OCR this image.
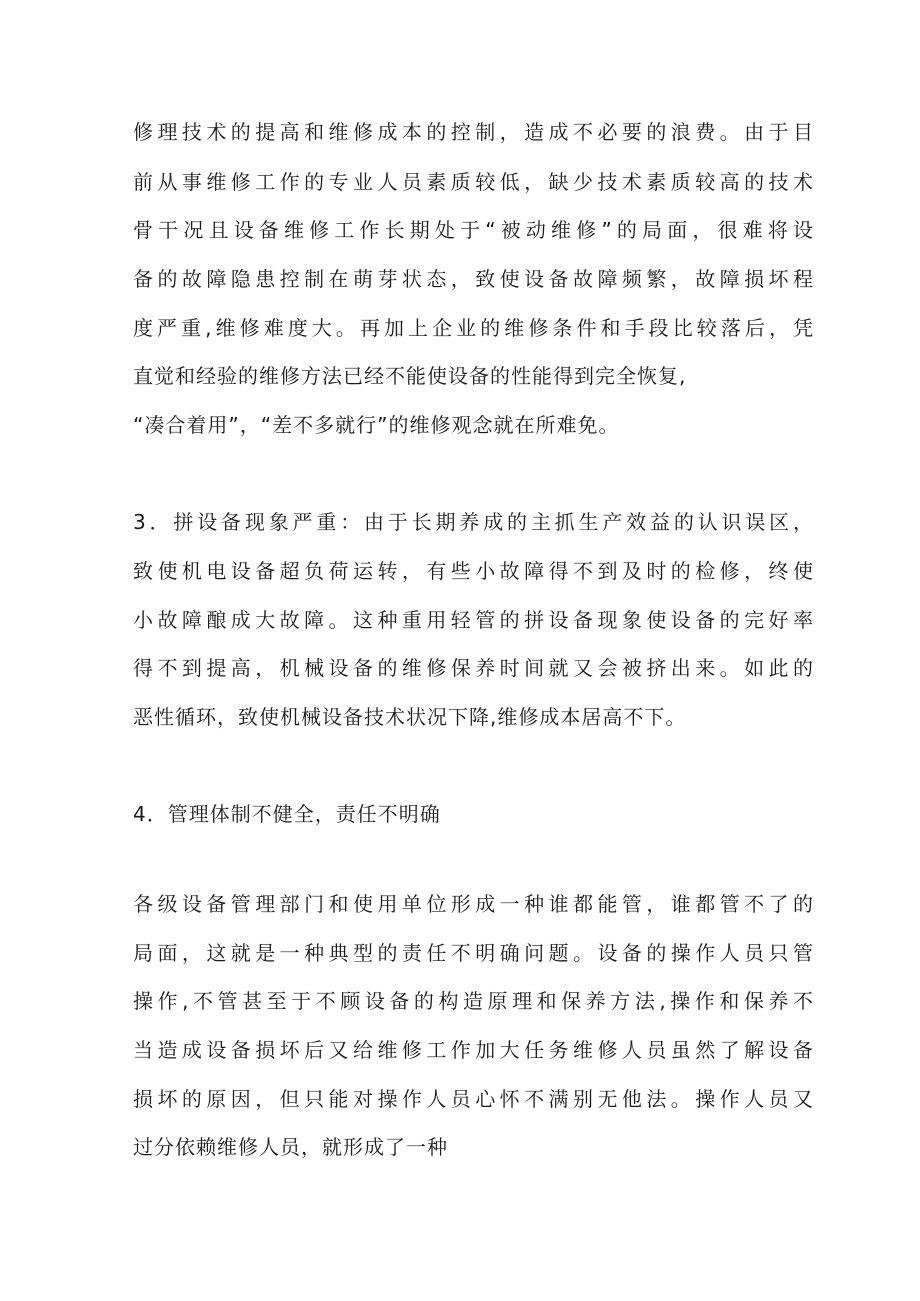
修理技术的提高和维修成本的控制，造成不必要的浪费。由于目
前从事维修工作的专业人员素质较低，缺少技术素质较高的技术
骨干况且设备维修工作长期处于“被动维修”的局面，很难将设
备的故障隐患控制在萌芽状态，致使设备故障频繁，故障损坏程
度严重,维修难度大。再加上企业的维修条件和手段比较落后，凭
直觉和经验的维修方法已经不能使设备的性能得到完全恢复,
“凑合着用”，“差不多就行”的维修观念就在所难免。
3．拼设备现象严重：由于长期养成的主抓生产效益的认识误区，
致使机电设备超负荷运转，有些小故障得不到及时的检修，终使
小故障酿成大故障。这种重用轻管的拼设备现象使设备的完好率
得不到提高，机械设备的维修保养时间就又会被挤出来。如此的
恶性循环，致使机械设备技术状况下降,维修成本居高不下。
4．管理体制不健全，责任不明确
各级设备管理部门和使用单位形成一种谁都能管，谁都管不了的
局面，这就是一种典型的责任不明确问题。设备的操作人员只管
操作,不管甚至于不顾设备的构造原理和保养方法,操作和保养不
当造成设备损坏后又给维修工作加大任务维修人员虽然了解设备
损坏的原因，但只能对操作人员心怀不满别无他法。操作人员又
过分依赖维修人员，就形成了一种
